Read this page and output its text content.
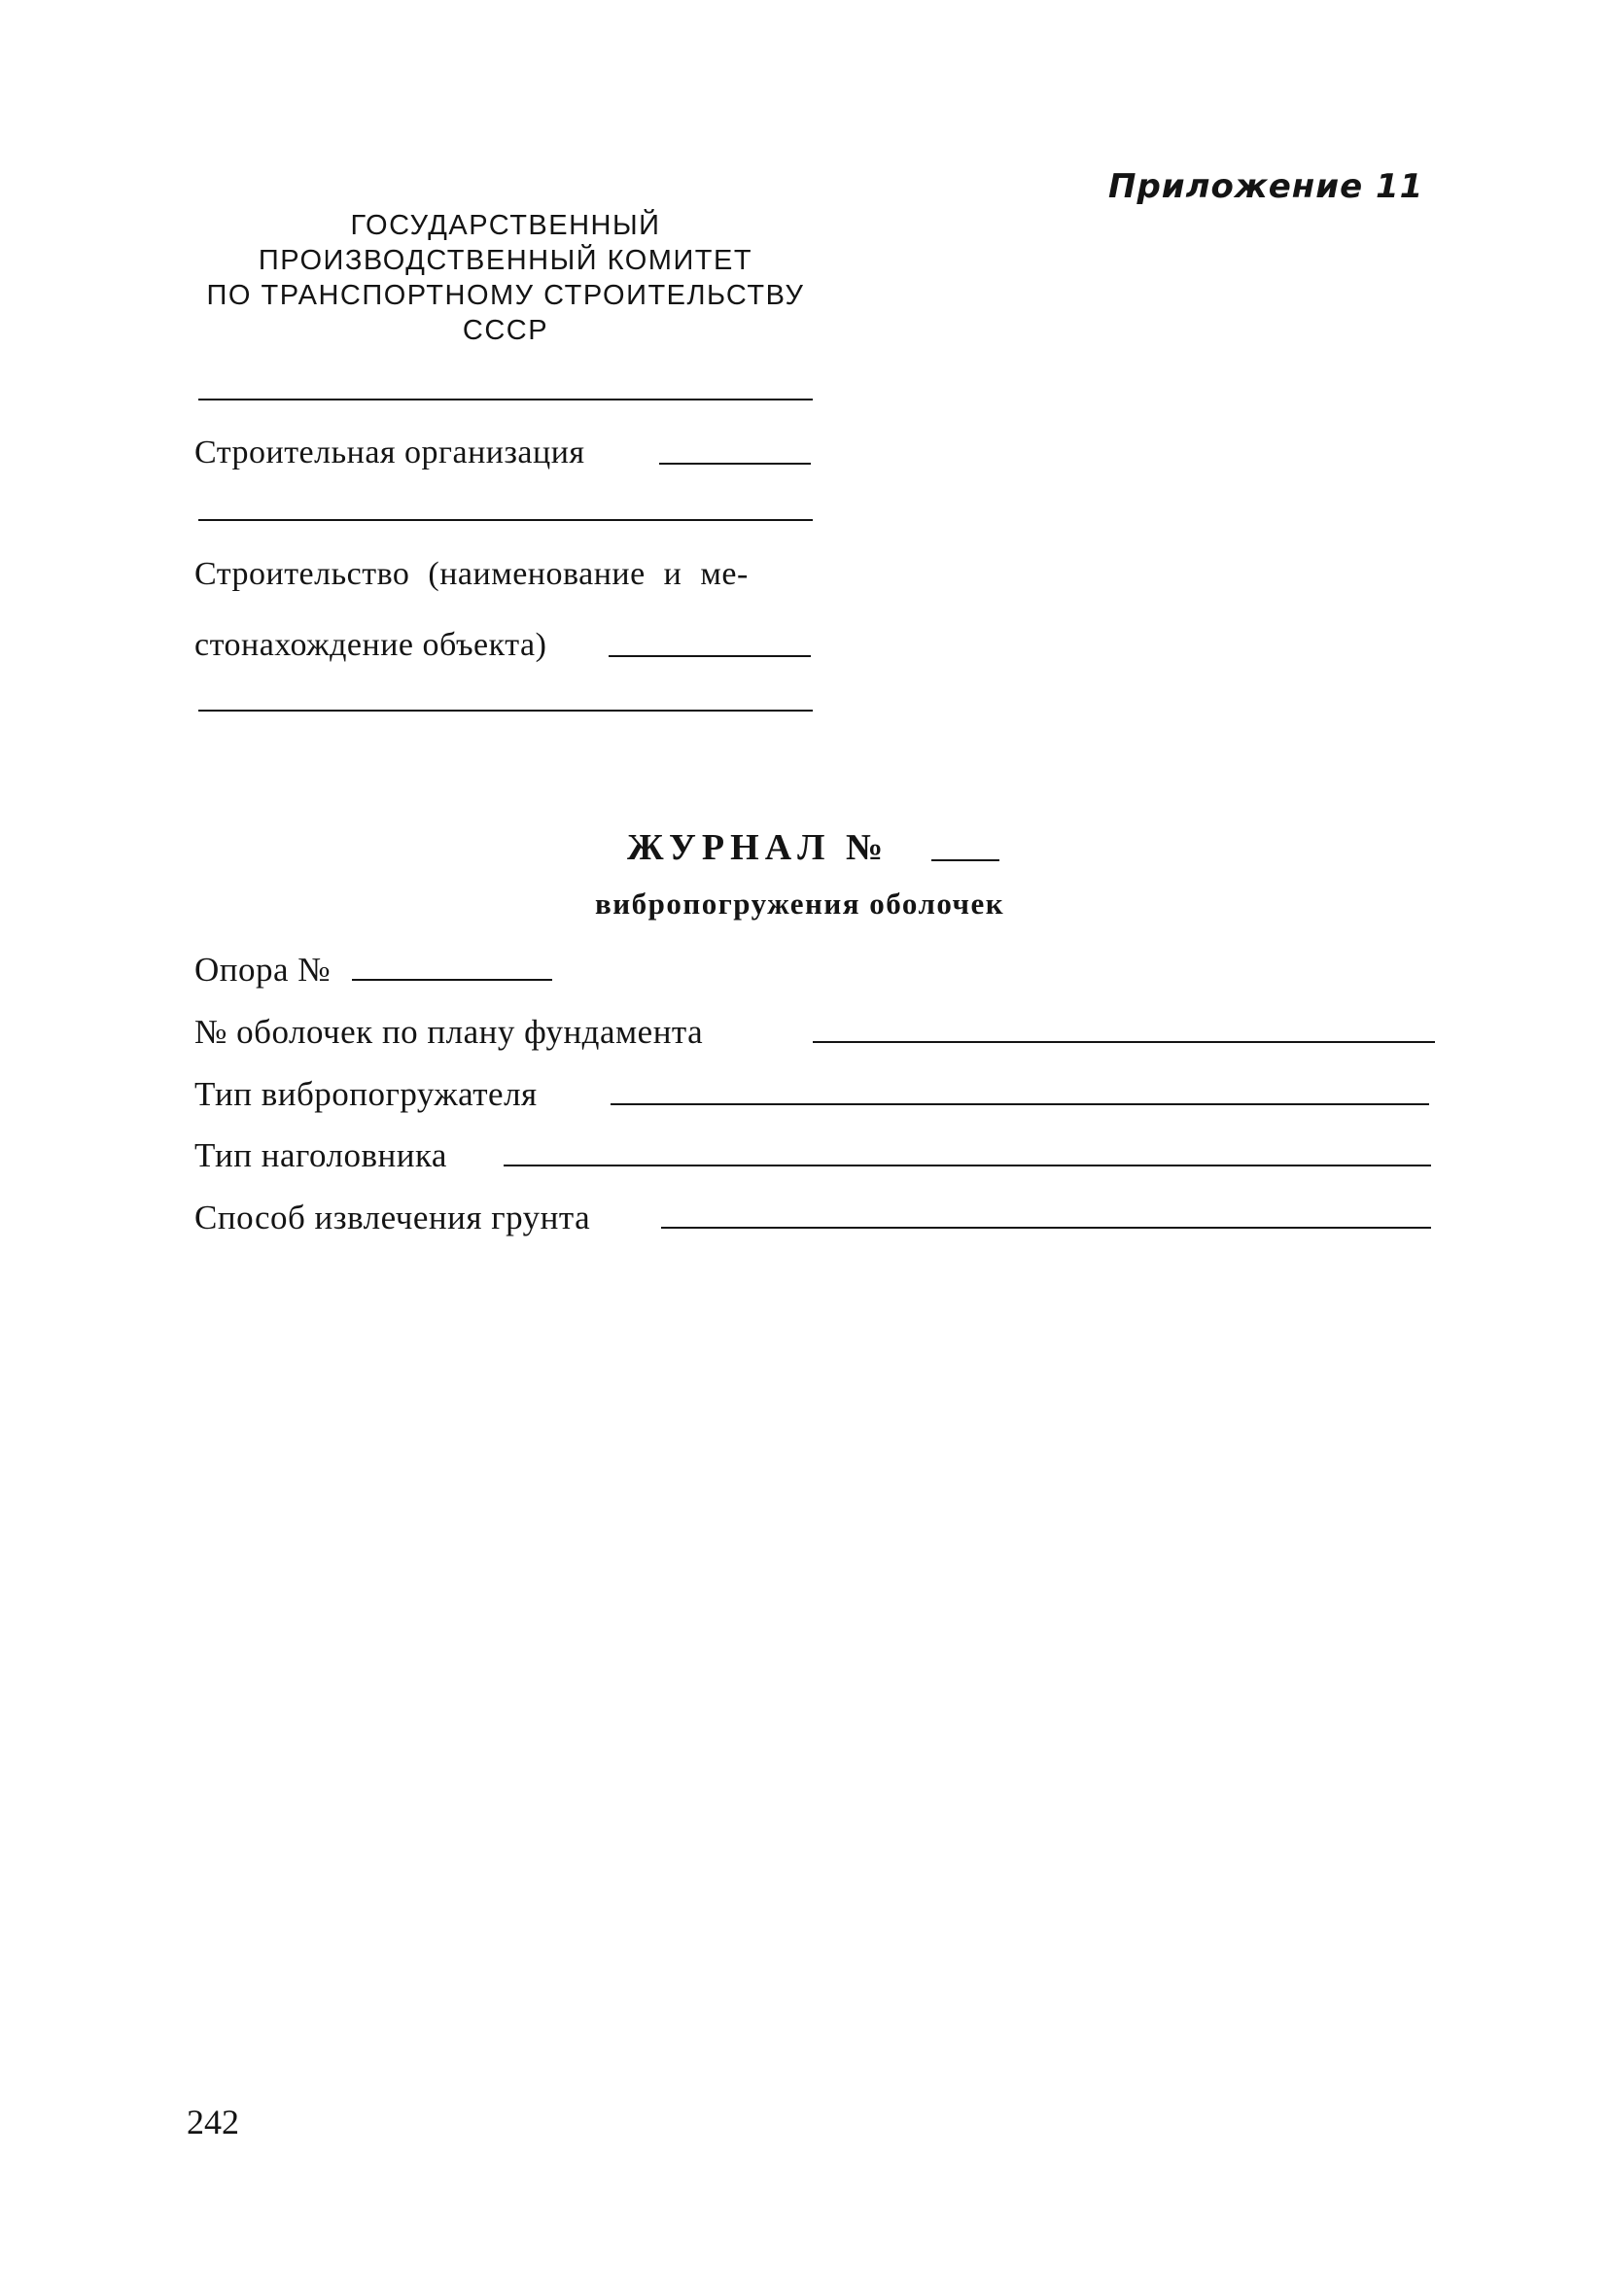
Приложение 11
ГОСУДАРСТВЕННЫЙ
ПРОИЗВОДСТВЕННЫЙ КОМИТЕТ
ПО ТРАНСПОРТНОМУ СТРОИТЕЛЬСТВУ
СССР
Строительная организация
Строительство (наименование и ме-
стонахождение объекта)
ЖУРНАЛ №
вибропогружения оболочек
Опора №
№ оболочек по плану фундамента
Тип вибропогружателя
Тип наголовника
Способ извлечения грунта
242
